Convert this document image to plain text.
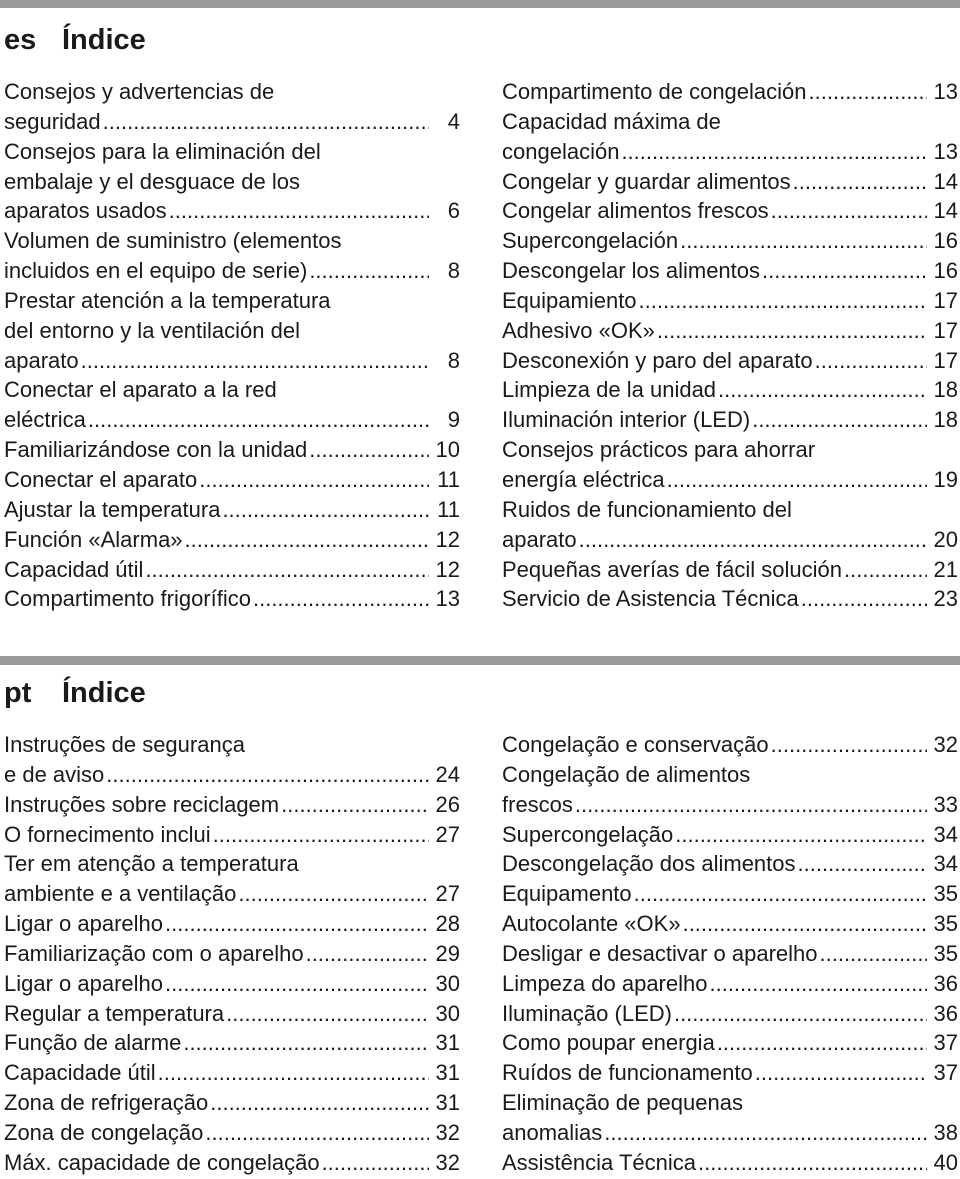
es Índice
Consejos y advertencias de
seguridad .....	4
Consejos para la eliminación del
embalaje y el desguace de los
aparatos usados .....	6
Volumen de suministro (elementos
incluidos en el equipo de serie) .....	8
Prestar atención a la temperatura
del entorno y la ventilación del
aparato .....	8
Conectar el aparato a la red
eléctrica .....	9
Familiarizándose con la unidad .....	10
Conectar el aparato .....	11
Ajustar la temperatura .....	11
Función «Alarma» .....	12
Capacidad útil .....	12
Compartimento frigorífico .....	13
Compartimento de congelación .....	13
Capacidad máxima de
congelación .....	13
Congelar y guardar alimentos .....	14
Congelar alimentos frescos .....	14
Supercongelación .....	16
Descongelar los alimentos .....	16
Equipamiento .....	17
Adhesivo «OK» .....	17
Desconexión y paro del aparato .....	17
Limpieza de la unidad .....	18
Iluminación interior (LED) .....	18
Consejos prácticos para ahorrar
energía eléctrica .....	19
Ruidos de funcionamiento del
aparato .....	20
Pequeñas averías de fácil solución .....	21
Servicio de Asistencia Técnica .....	23
pt Índice
Instruções de segurança
e de aviso .....	24
Instruções sobre reciclagem .....	26
O fornecimento inclui .....	27
Ter em atenção a temperatura
ambiente e a ventilação .....	27
Ligar o aparelho .....	28
Familiarização com o aparelho .....	29
Ligar o aparelho .....	30
Regular a temperatura .....	30
Função de alarme .....	31
Capacidade útil .....	31
Zona de refrigeração .....	31
Zona de congelação .....	32
Máx. capacidade de congelação .....	32
Congelação e conservação .....	32
Congelação de alimentos
frescos .....	33
Supercongelação .....	34
Descongelação dos alimentos .....	34
Equipamento .....	35
Autocolante «OK» .....	35
Desligar e desactivar o aparelho .....	35
Limpeza do aparelho .....	36
Iluminação (LED) .....	36
Como poupar energia .....	37
Ruídos de funcionamento .....	37
Eliminação de pequenas
anomalias .....	38
Assistência Técnica .....	40
